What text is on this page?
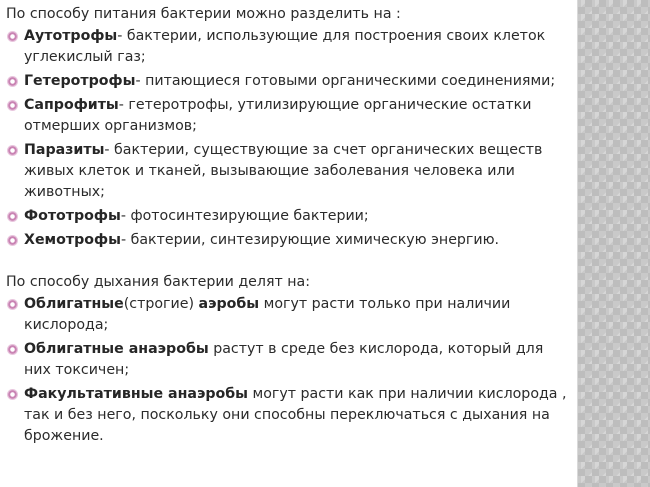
По способу питания бактерии можно разделить на :
Аутотрофы- бактерии, использующие для построения своих клеток углекислый газ;
Гетеротрофы- питающиеся готовыми органическими соединениями;
Сапрофиты- гетеротрофы, утилизирующие органические остатки отмерших организмов;
Паразиты- бактерии, существующие за счет органических веществ живых клеток и тканей, вызывающие заболевания человека или животных;
Фототрофы- фотосинтезирующие бактерии;
Хемотрофы- бактерии, синтезирующие химическую энергию.
По способу дыхания бактерии делят на:
Облигатные(строгие) аэробы могут расти только при наличии кислорода;
Облигатные анаэробы растут в среде без кислорода, который для них токсичен;
Факультативные анаэробы могут расти как при наличии кислорода , так и без него, поскольку они способны переключаться с дыхания на брожение.
